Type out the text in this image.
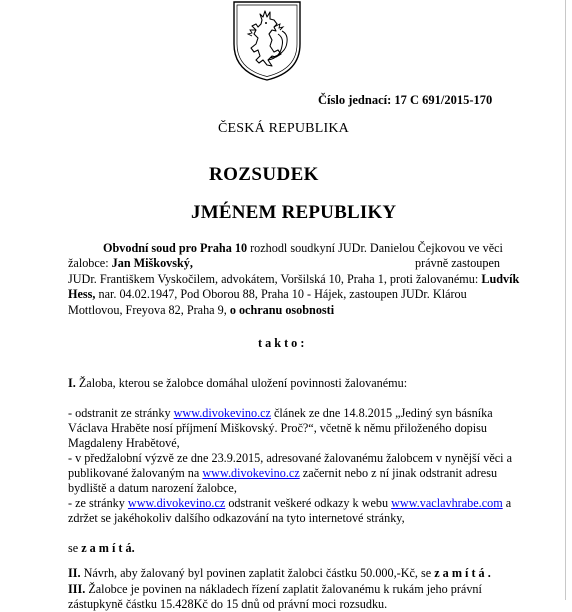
Číslo jednací: 17 C 691/2015-170
ČESKÁ REPUBLIKA
ROZSUDEK
JMÉNEM REPUBLIKY
Obvodní soud pro Praha 10 rozhodl soudkyní JUDr. Danielou Čejkovou ve věci
žalobce: Jan Miškovský,	právně zastoupen
JUDr. Františkem Vyskočilem, advokátem, Voršilská 10, Praha 1, proti žalovanému: Ludvík
Hess, nar. 04.02.1947, Pod Oborou 88, Praha 10 - Hájek, zastoupen JUDr. Klárou
Mottlovou, Freyova 82, Praha 9, o ochranu osobnosti
t a k t o :
I. Žaloba, kterou se žalobce domáhal uložení povinnosti žalovanému:
- odstranit ze stránky www.divokevino.cz článek ze dne 14.8.2015 „Jediný syn básníka
Václava Hraběte nosí příjmení Miškovský. Proč?“, včetně k němu přiloženého dopisu
Magdaleny Hrabětové,
- v předžalobní výzvě ze dne 23.9.2015, adresované žalovanému žalobcem v nynější věci a
publikované žalovaným na www.divokevino.cz začernit nebo z ní jinak odstranit adresu
bydliště a datum narození žalobce,
- ze stránky www.divokevino.cz odstranit veškeré odkazy k webu www.vaclavhrabe.com a
zdržet se jakéhokoliv dalšího odkazování na tyto internetové stránky,
se z a m í t á.
II. Návrh, aby žalovaný byl povinen zaplatit žalobci částku 50.000,-Kč, se z a m í t á .
III. Žalobce je povinen na nákladech řízení zaplatit žalovanému k rukám jeho právní
zástupkyně částku 15.428Kč do 15 dnů od právní moci rozsudku.
